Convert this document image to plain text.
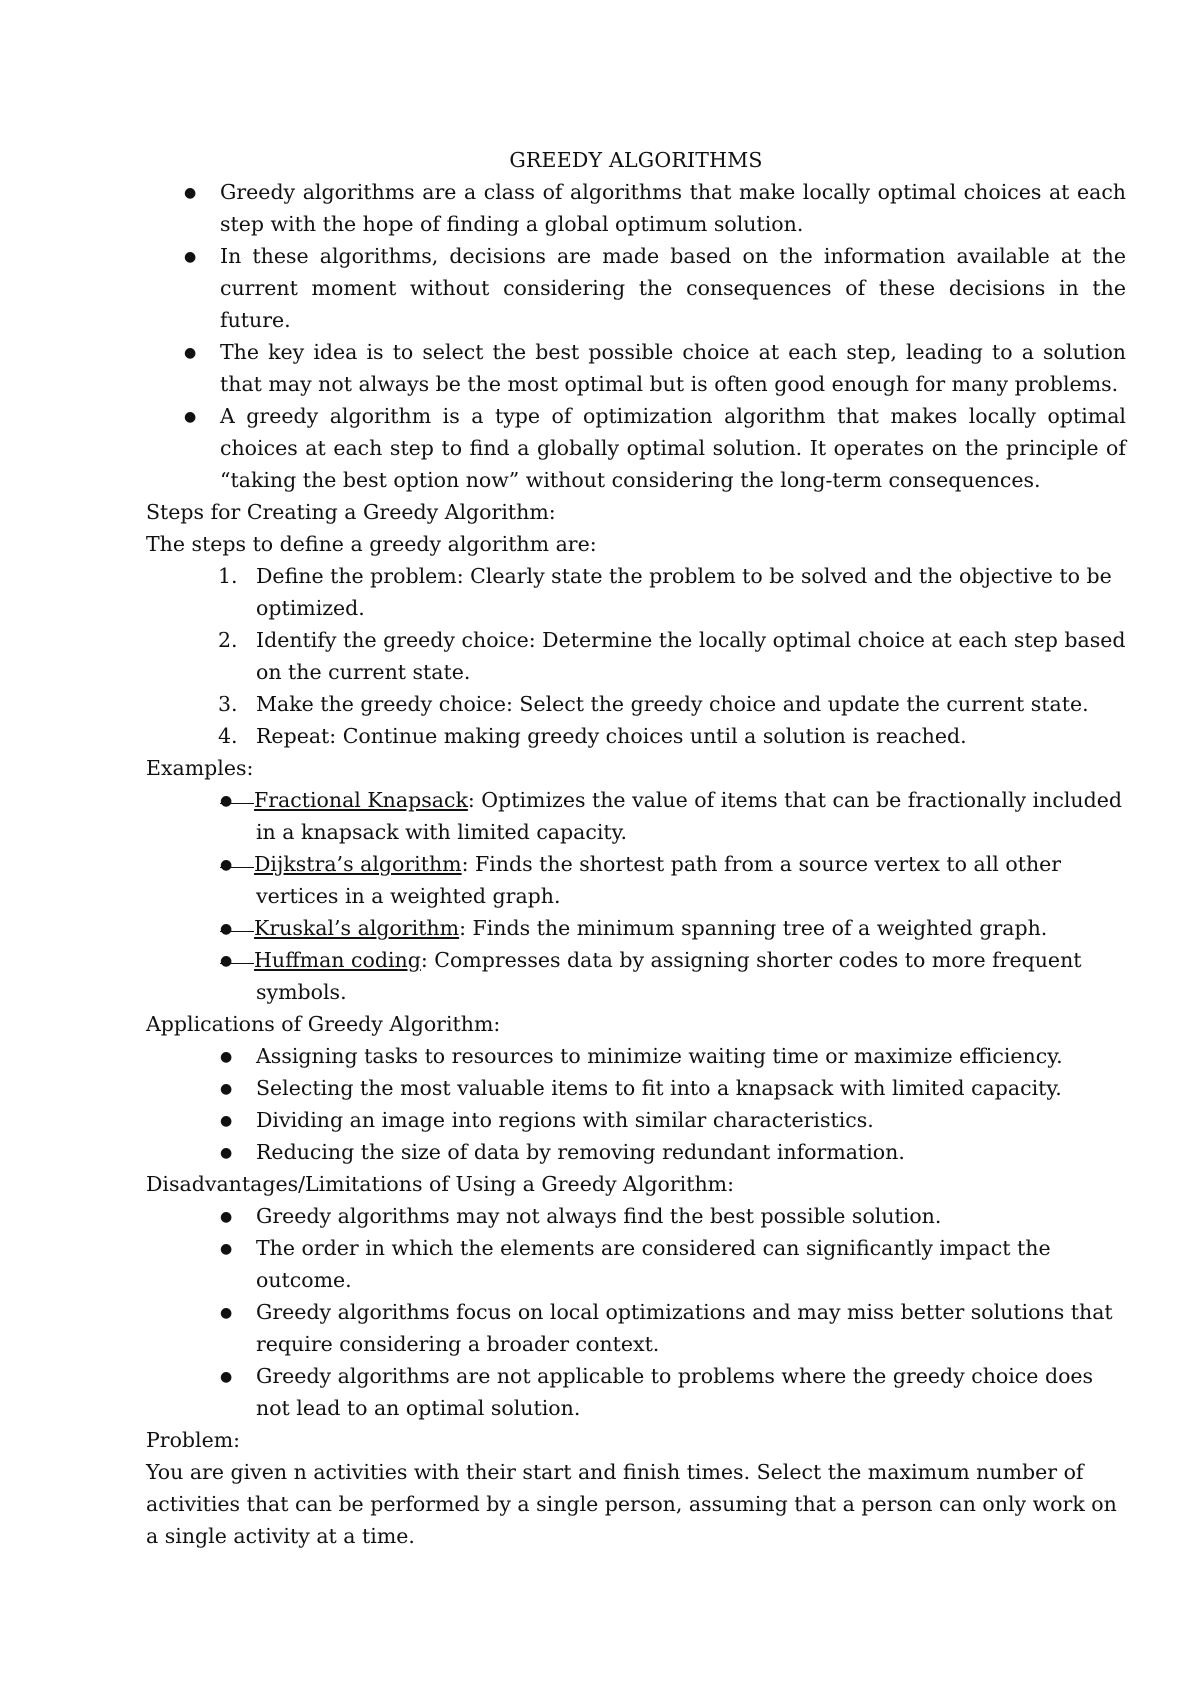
GREEDY ALGORITHMS
● Greedy algorithms are a class of algorithms that make locally optimal choices at each step with the hope of finding a global optimum solution.
● In these algorithms, decisions are made based on the information available at the current moment without considering the consequences of these decisions in the future.
● The key idea is to select the best possible choice at each step, leading to a solution that may not always be the most optimal but is often good enough for many problems.
● A greedy algorithm is a type of optimization algorithm that makes locally optimal choices at each step to find a globally optimal solution. It operates on the principle of “taking the best option now” without considering the long-term consequences.

Steps for Creating a Greedy Algorithm:

The steps to define a greedy algorithm are:

1. Define the problem: Clearly state the problem to be solved and the objective to be optimized.
2. Identify the greedy choice: Determine the locally optimal choice at each step based on the current state.
3. Make the greedy choice: Select the greedy choice and update the current state.
4. Repeat: Continue making greedy choices until a solution is reached.

Examples:

●	Fractional Knapsack: Optimizes the value of items that can be fractionally included in a knapsack with limited capacity.
●	Dijkstra’s algorithm: Finds the shortest path from a source vertex to all other vertices in a weighted graph.
●	Kruskal’s algorithm: Finds the minimum spanning tree of a weighted graph.
●	Huffman coding: Compresses data by assigning shorter codes to more frequent symbols.

Applications of Greedy Algorithm:

● Assigning tasks to resources to minimize waiting time or maximize efficiency.
● Selecting the most valuable items to fit into a knapsack with limited capacity.
● Dividing an image into regions with similar characteristics.
● Reducing the size of data by removing redundant information.

Disadvantages/Limitations of Using a Greedy Algorithm:

● Greedy algorithms may not always find the best possible solution.
● The order in which the elements are considered can significantly impact the outcome.
● Greedy algorithms focus on local optimizations and may miss better solutions that require considering a broader context.
● Greedy algorithms are not applicable to problems where the greedy choice does not lead to an optimal solution.

Problem:

You are given n activities with their start and finish times. Select the maximum number of activities that can be performed by a single person, assuming that a person can only work on a single activity at a time.
